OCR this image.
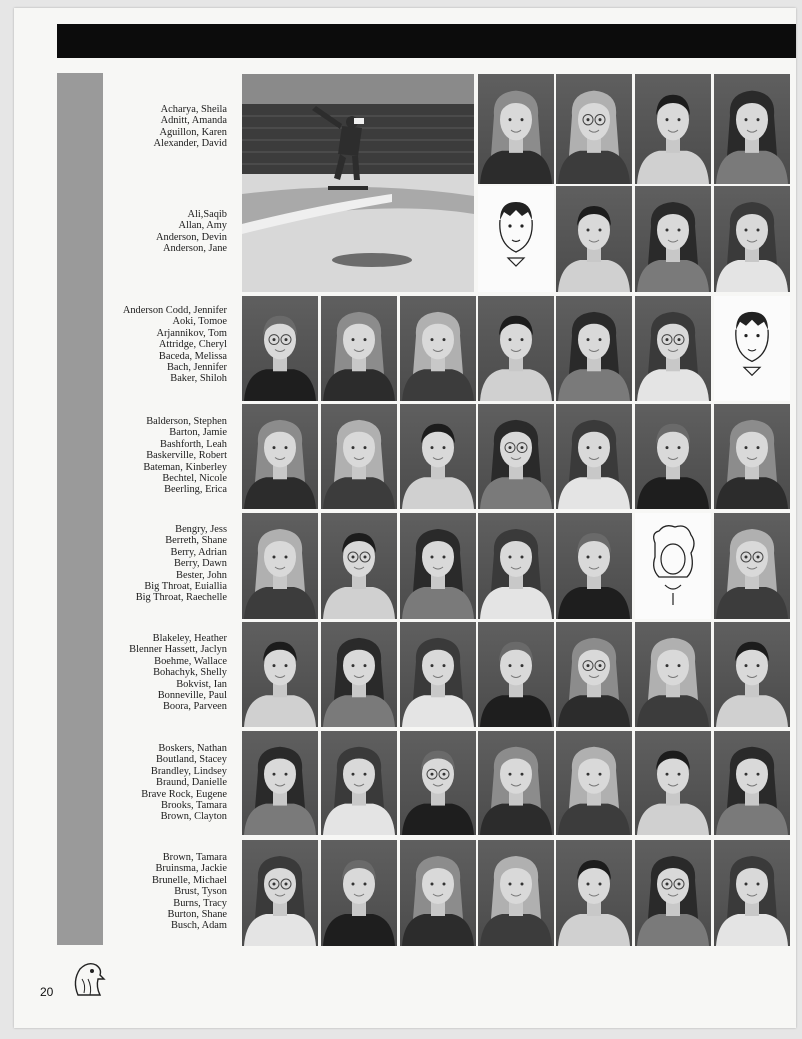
Acharya, Sheila
Adnitt, Amanda
Aguillon, Karen
Alexander, David
Ali,Saqib
Allan, Amy
Anderson, Devin
Anderson, Jane
Anderson Codd, Jennifer
Aoki, Tomoe
Arjannikov, Tom
Attridge, Cheryl
Baceda, Melissa
Bach, Jennifer
Baker, Shiloh
Balderson, Stephen
Barton, Jamie
Bashforth, Leah
Baskerville, Robert
Bateman, Kinberley
Bechtel, Nicole
Beerling, Erica
Bengry, Jess
Berreth, Shane
Berry, Adrian
Berry, Dawn
Bester, John
Big Throat, Euiallia
Big Throat, Raechelle
Blakeley, Heather
Blenner Hassett, Jaclyn
Boehme, Wallace
Bohachyk, Shelly
Bokvist, Ian
Bonneville, Paul
Boora, Parveen
Boskers, Nathan
Boutland, Stacey
Brandley, Lindsey
Braund, Danielle
Brave Rock, Eugene
Brooks, Tamara
Brown, Clayton
Brown, Tamara
Bruinsma, Jackie
Brunelle, Michael
Brust, Tyson
Burns, Tracy
Burton, Shane
Busch, Adam
20
